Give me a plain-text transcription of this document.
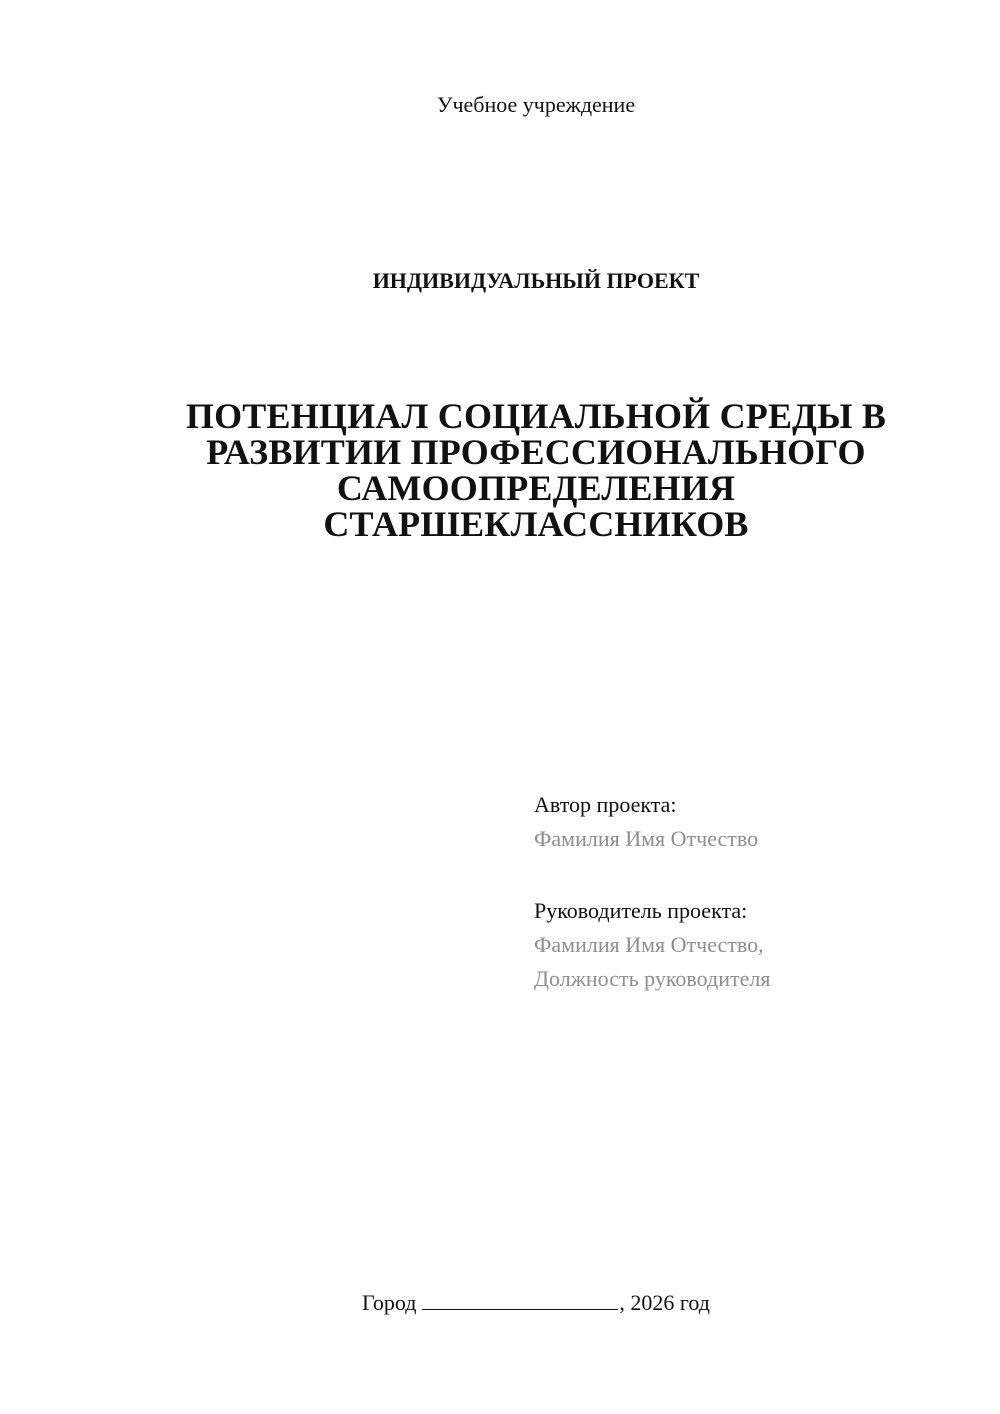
Учебное учреждение
ИНДИВИДУАЛЬНЫЙ ПРОЕКТ
ПОТЕНЦИАЛ СОЦИАЛЬНОЙ СРЕДЫ В
РАЗВИТИИ ПРОФЕССИОНАЛЬНОГО
САМООПРЕДЕЛЕНИЯ
СТАРШЕКЛАССНИКОВ
Автор проекта:
Фамилия Имя Отчество
Руководитель проекта:
Фамилия Имя Отчество,
Должность руководителя
Город	, 2026 год
